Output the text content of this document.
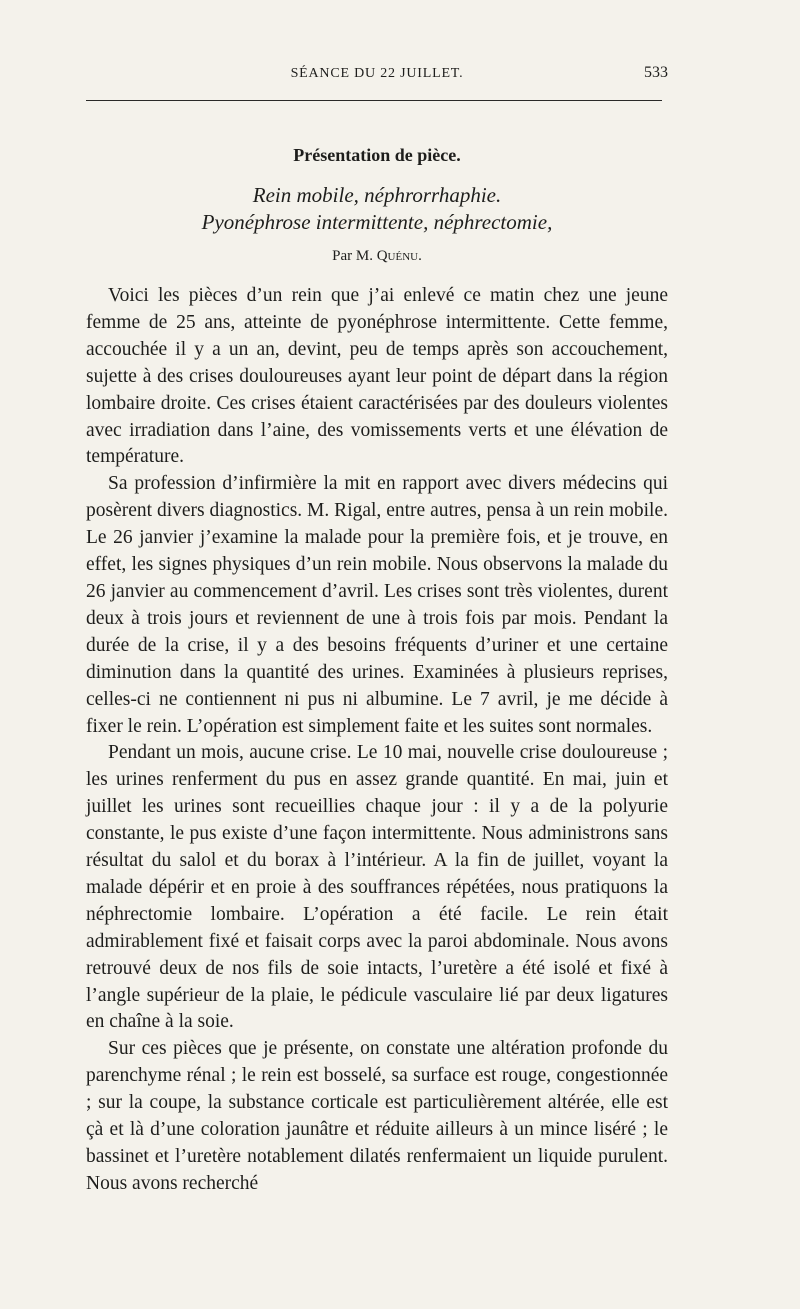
SÉANCE DU 22 JUILLET.	533
Présentation de pièce.
Rein mobile, néphrorrhaphie.
Pyonéphrose intermittente, néphrectomie,
Par M. Quénu.

Voici les pièces d’un rein que j’ai enlevé ce matin chez une jeune femme de 25 ans, atteinte de pyonéphrose intermittente. Cette femme, accouchée il y a un an, devint, peu de temps après son accouchement, sujette à des crises douloureuses ayant leur point de départ dans la région lombaire droite. Ces crises étaient caractérisées par des douleurs violentes avec irradiation dans l’aine, des vomissements verts et une élévation de température.

Sa profession d’infirmière la mit en rapport avec divers médecins qui posèrent divers diagnostics. M. Rigal, entre autres, pensa à un rein mobile. Le 26 janvier j’examine la malade pour la première fois, et je trouve, en effet, les signes physiques d’un rein mobile. Nous observons la malade du 26 janvier au commencement d’avril. Les crises sont très violentes, durent deux à trois jours et reviennent de une à trois fois par mois. Pendant la durée de la crise, il y a des besoins fréquents d’uriner et une certaine diminution dans la quantité des urines. Examinées à plusieurs reprises, celles-ci ne contiennent ni pus ni albumine. Le 7 avril, je me décide à fixer le rein. L’opération est simplement faite et les suites sont normales.

Pendant un mois, aucune crise. Le 10 mai, nouvelle crise douloureuse ; les urines renferment du pus en assez grande quantité. En mai, juin et juillet les urines sont recueillies chaque jour : il y a de la polyurie constante, le pus existe d’une façon intermittente. Nous administrons sans résultat du salol et du borax à l’intérieur. A la fin de juillet, voyant la malade dépérir et en proie à des souffrances répétées, nous pratiquons la néphrectomie lombaire. L’opération a été facile. Le rein était admirablement fixé et faisait corps avec la paroi abdominale. Nous avons retrouvé deux de nos fils de soie intacts, l’uretère a été isolé et fixé à l’angle supérieur de la plaie, le pédicule vasculaire lié par deux ligatures en chaîne à la soie.

Sur ces pièces que je présente, on constate une altération profonde du parenchyme rénal ; le rein est bosselé, sa surface est rouge, congestionnée ; sur la coupe, la substance corticale est particulièrement altérée, elle est çà et là d’une coloration jaunâtre et réduite ailleurs à un mince liséré ; le bassinet et l’uretère notablement dilatés renfermaient un liquide purulent. Nous avons recherché
